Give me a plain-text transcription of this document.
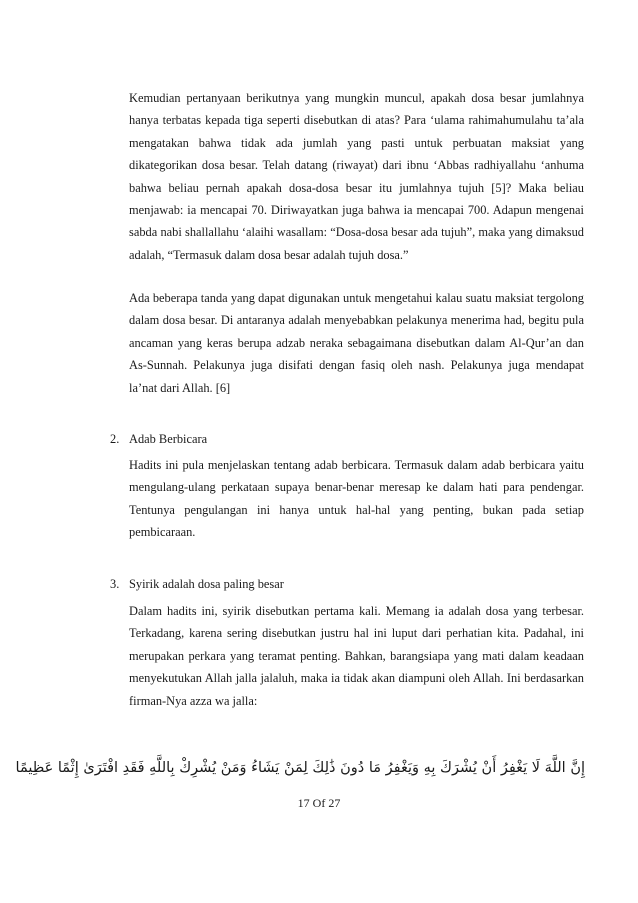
Kemudian pertanyaan berikutnya yang mungkin muncul, apakah dosa besar jumlahnya hanya terbatas kepada tiga seperti disebutkan di atas? Para ‘ulama rahimahumulahu ta’ala mengatakan bahwa tidak ada jumlah yang pasti untuk perbuatan maksiat yang dikategorikan dosa besar. Telah datang (riwayat) dari ibnu ‘Abbas radhiyallahu ‘anhuma bahwa beliau pernah apakah dosa-dosa besar itu jumlahnya tujuh [5]? Maka beliau menjawab: ia mencapai 70. Diriwayatkan juga bahwa ia mencapai 700. Adapun mengenai sabda nabi shallallahu ‘alaihi wasallam: “Dosa-dosa besar ada tujuh”, maka yang dimaksud adalah, “Termasuk dalam dosa besar adalah tujuh dosa.”

Ada beberapa tanda yang dapat digunakan untuk mengetahui kalau suatu maksiat tergolong dalam dosa besar. Di antaranya adalah menyebabkan pelakunya menerima had, begitu pula ancaman yang keras berupa adzab neraka sebagaimana disebutkan dalam Al-Qur’an dan As-Sunnah. Pelakunya juga disifati dengan fasiq oleh nash. Pelakunya juga mendapat la’nat dari Allah. [6]

2. Adab Berbicara

Hadits ini pula menjelaskan tentang adab berbicara. Termasuk dalam adab berbicara yaitu mengulang-ulang perkataan supaya benar-benar meresap ke dalam hati para pendengar. Tentunya pengulangan ini hanya untuk hal-hal yang penting, bukan pada setiap pembicaraan.

3. Syirik adalah dosa paling besar

Dalam hadits ini, syirik disebutkan pertama kali. Memang ia adalah dosa yang terbesar. Terkadang, karena sering disebutkan justru hal ini luput dari perhatian kita. Padahal, ini merupakan perkara yang teramat penting. Bahkan, barangsiapa yang mati dalam keadaan menyekutukan Allah jalla jalaluh, maka ia tidak akan diampuni oleh Allah. Ini berdasarkan firman-Nya azza wa jalla:

إِنَّ اللَّهَ لَا يَغْفِرُ أَنْ يُشْرَكَ بِهِ وَيَغْفِرُ مَا دُونَ ذَٰلِكَ لِمَنْ يَشَاءُ وَمَنْ يُشْرِكْ بِاللَّهِ فَقَدِ افْتَرَىٰ إِثْمًا عَظِيمًا

17 Of 27
